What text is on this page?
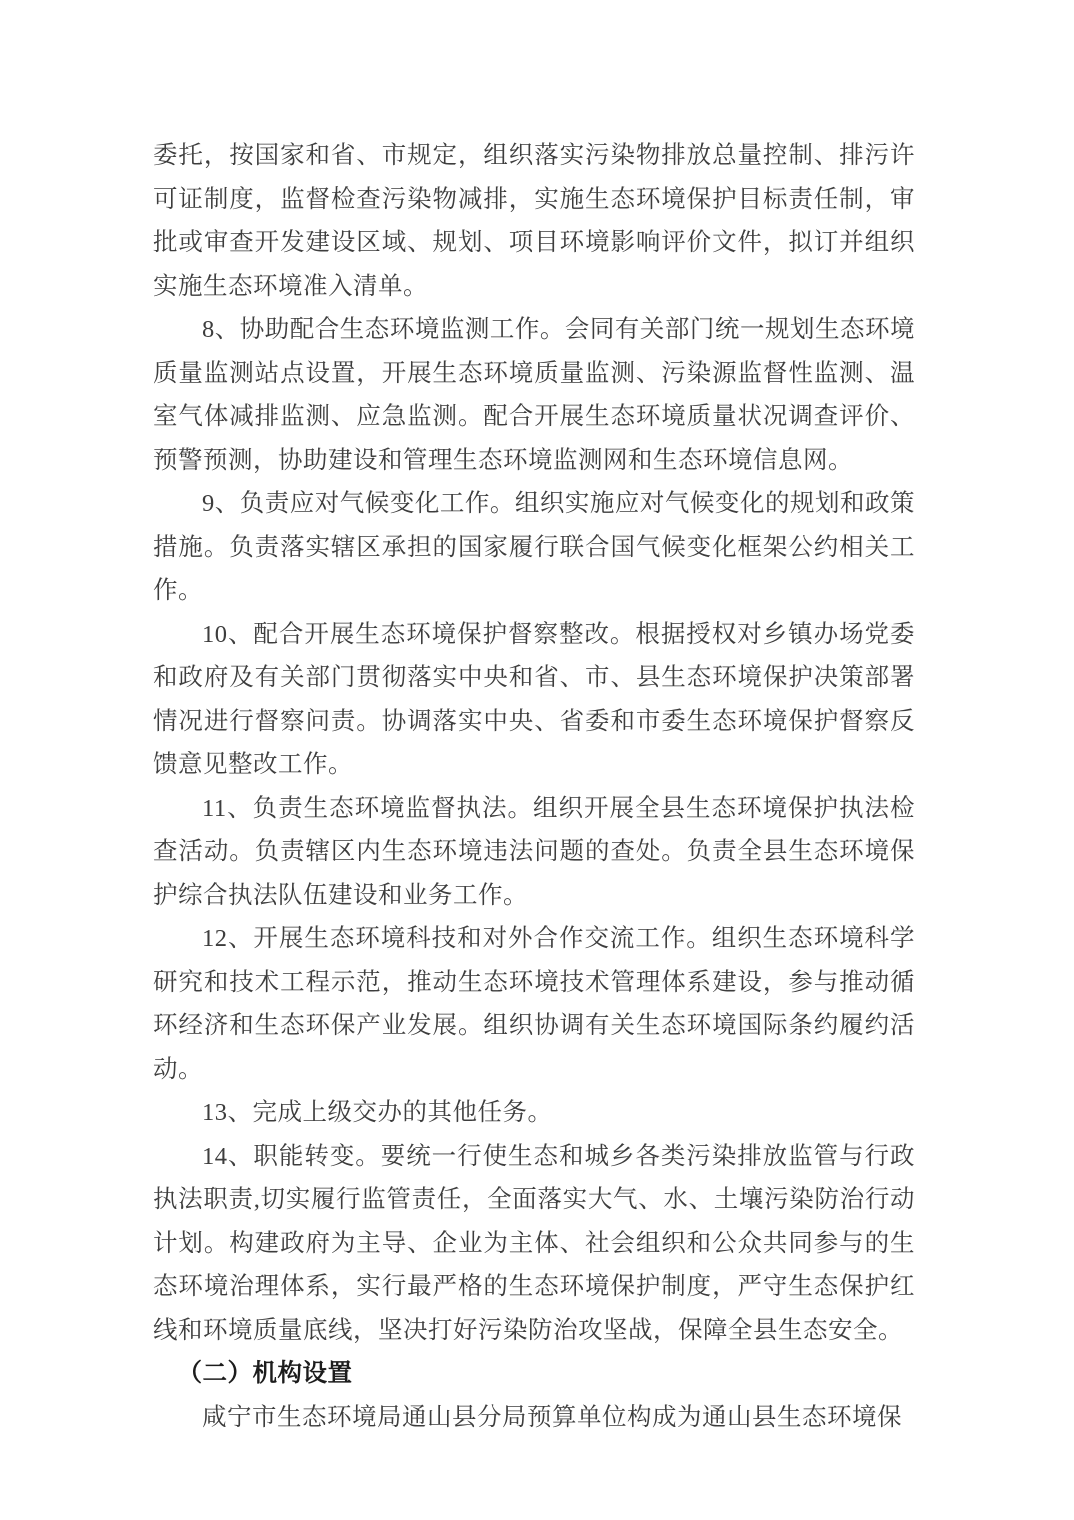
委托，按国家和省、市规定，组织落实污染物排放总量控制、排污许可证制度，监督检查污染物减排，实施生态环境保护目标责任制，审批或审查开发建设区域、规划、项目环境影响评价文件，拟订并组织实施生态环境准入清单。

8、协助配合生态环境监测工作。会同有关部门统一规划生态环境质量监测站点设置，开展生态环境质量监测、污染源监督性监测、温室气体减排监测、应急监测。配合开展生态环境质量状况调查评价、预警预测，协助建设和管理生态环境监测网和生态环境信息网。

9、负责应对气候变化工作。组织实施应对气候变化的规划和政策措施。负责落实辖区承担的国家履行联合国气候变化框架公约相关工作。

10、配合开展生态环境保护督察整改。根据授权对乡镇办场党委和政府及有关部门贯彻落实中央和省、市、县生态环境保护决策部署情况进行督察问责。协调落实中央、省委和市委生态环境保护督察反馈意见整改工作。

11、负责生态环境监督执法。组织开展全县生态环境保护执法检查活动。负责辖区内生态环境违法问题的查处。负责全县生态环境保护综合执法队伍建设和业务工作。

12、开展生态环境科技和对外合作交流工作。组织生态环境科学研究和技术工程示范，推动生态环境技术管理体系建设，参与推动循环经济和生态环保产业发展。组织协调有关生态环境国际条约履约活动。

13、完成上级交办的其他任务。

14、职能转变。要统一行使生态和城乡各类污染排放监管与行政执法职责,切实履行监管责任，全面落实大气、水、土壤污染防治行动计划。构建政府为主导、企业为主体、社会组织和公众共同参与的生态环境治理体系，实行最严格的生态环境保护制度，严守生态保护红线和环境质量底线，坚决打好污染防治攻坚战，保障全县生态安全。

（二）机构设置

咸宁市生态环境局通山县分局预算单位构成为通山县生态环境保
